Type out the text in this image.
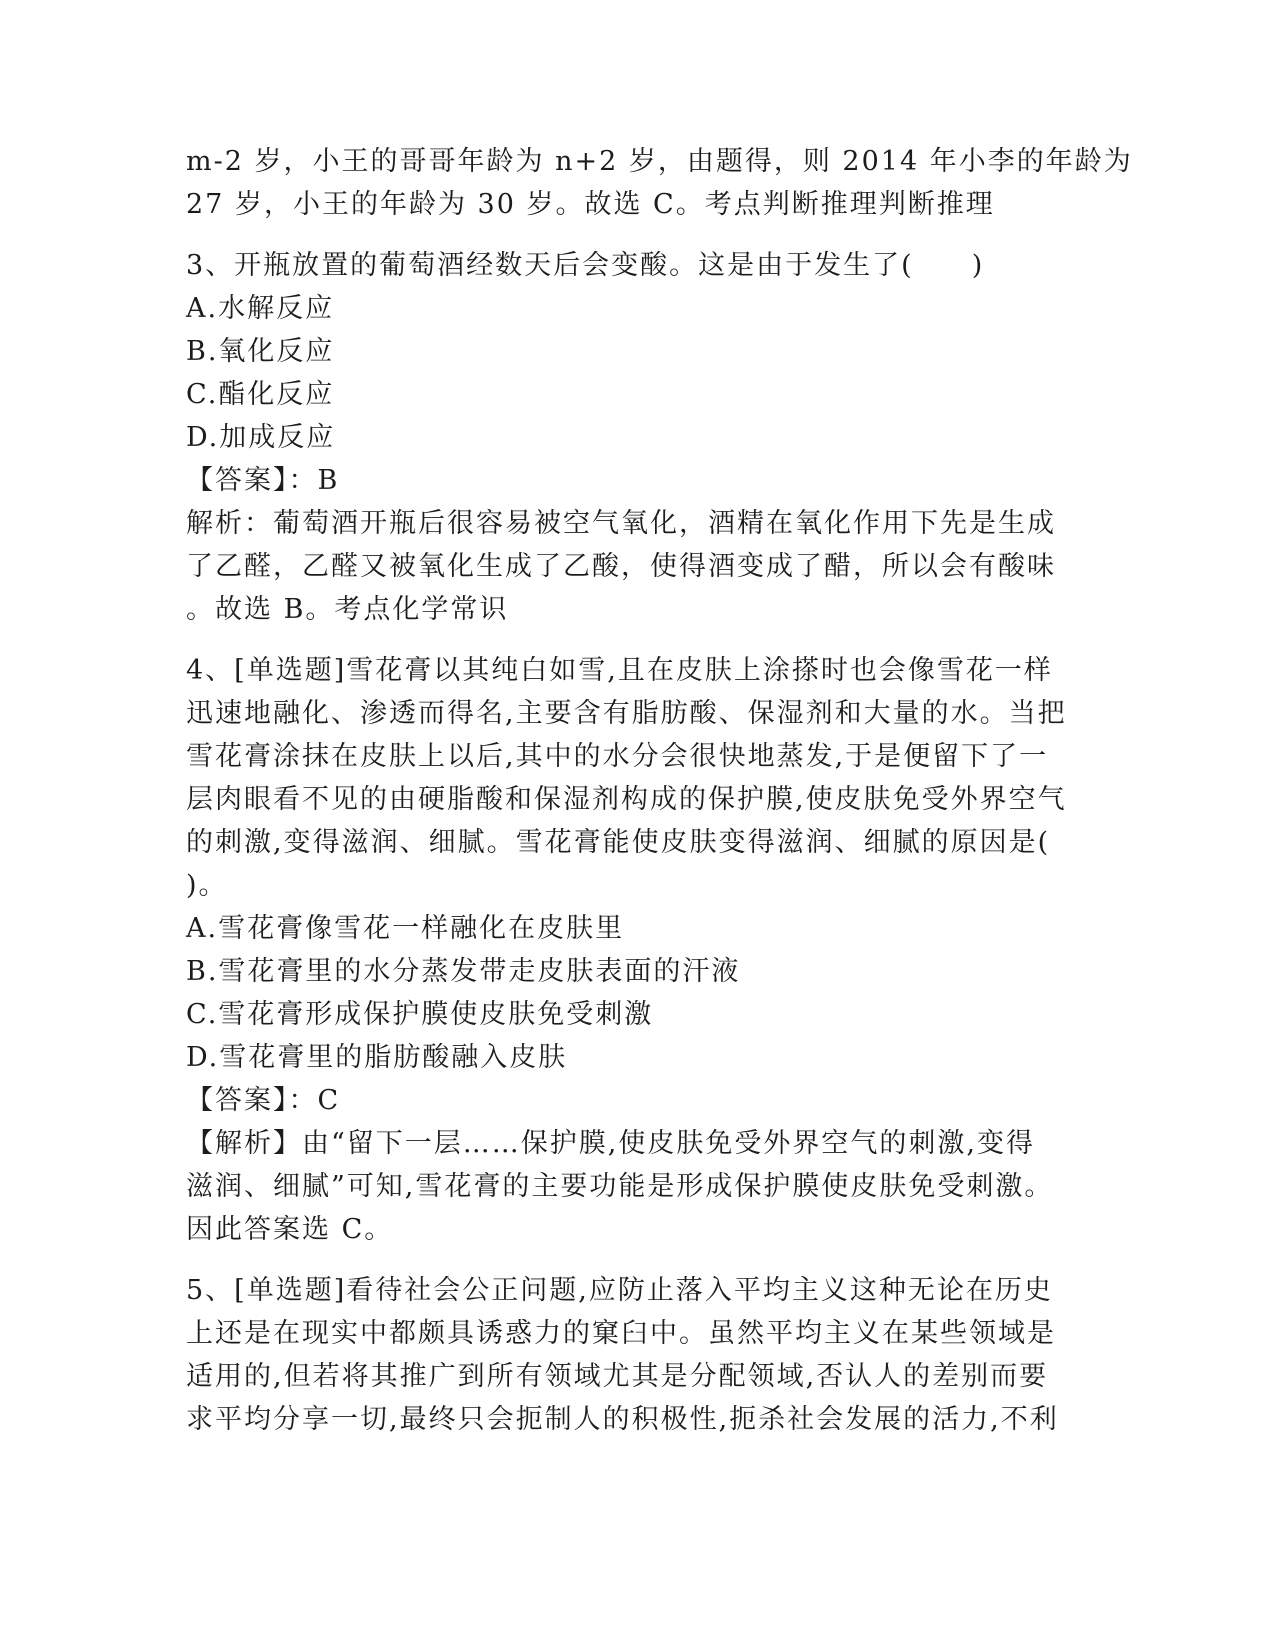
m-2 岁，小王的哥哥年龄为 n+2 岁，由题得，则 2014 年小李的年龄为
27 岁，小王的年龄为 30 岁。故选 C。考点判断推理判断推理
3、开瓶放置的葡萄酒经数天后会变酸。这是由于发生了(　　)
A.水解反应
B.氧化反应
C.酯化反应
D.加成反应
【答案】：B
解析：葡萄酒开瓶后很容易被空气氧化，酒精在氧化作用下先是生成
了乙醛，乙醛又被氧化生成了乙酸，使得酒变成了醋，所以会有酸味
。故选 B。考点化学常识
4、[单选题]雪花膏以其纯白如雪,且在皮肤上涂搽时也会像雪花一样
迅速地融化、渗透而得名,主要含有脂肪酸、保湿剂和大量的水。当把
雪花膏涂抹在皮肤上以后,其中的水分会很快地蒸发,于是便留下了一
层肉眼看不见的由硬脂酸和保湿剂构成的保护膜,使皮肤免受外界空气
的刺激,变得滋润、细腻。雪花膏能使皮肤变得滋润、细腻的原因是(
)。
A.雪花膏像雪花一样融化在皮肤里
B.雪花膏里的水分蒸发带走皮肤表面的汗液
C.雪花膏形成保护膜使皮肤免受刺激
D.雪花膏里的脂肪酸融入皮肤
【答案】：C
【解析】由“留下一层……保护膜,使皮肤免受外界空气的刺激,变得
滋润、细腻”可知,雪花膏的主要功能是形成保护膜使皮肤免受刺激。
因此答案选 C。
5、[单选题]看待社会公正问题,应防止落入平均主义这种无论在历史
上还是在现实中都颇具诱惑力的窠臼中。虽然平均主义在某些领域是
适用的,但若将其推广到所有领域尤其是分配领域,否认人的差别而要
求平均分享一切,最终只会扼制人的积极性,扼杀社会发展的活力,不利
